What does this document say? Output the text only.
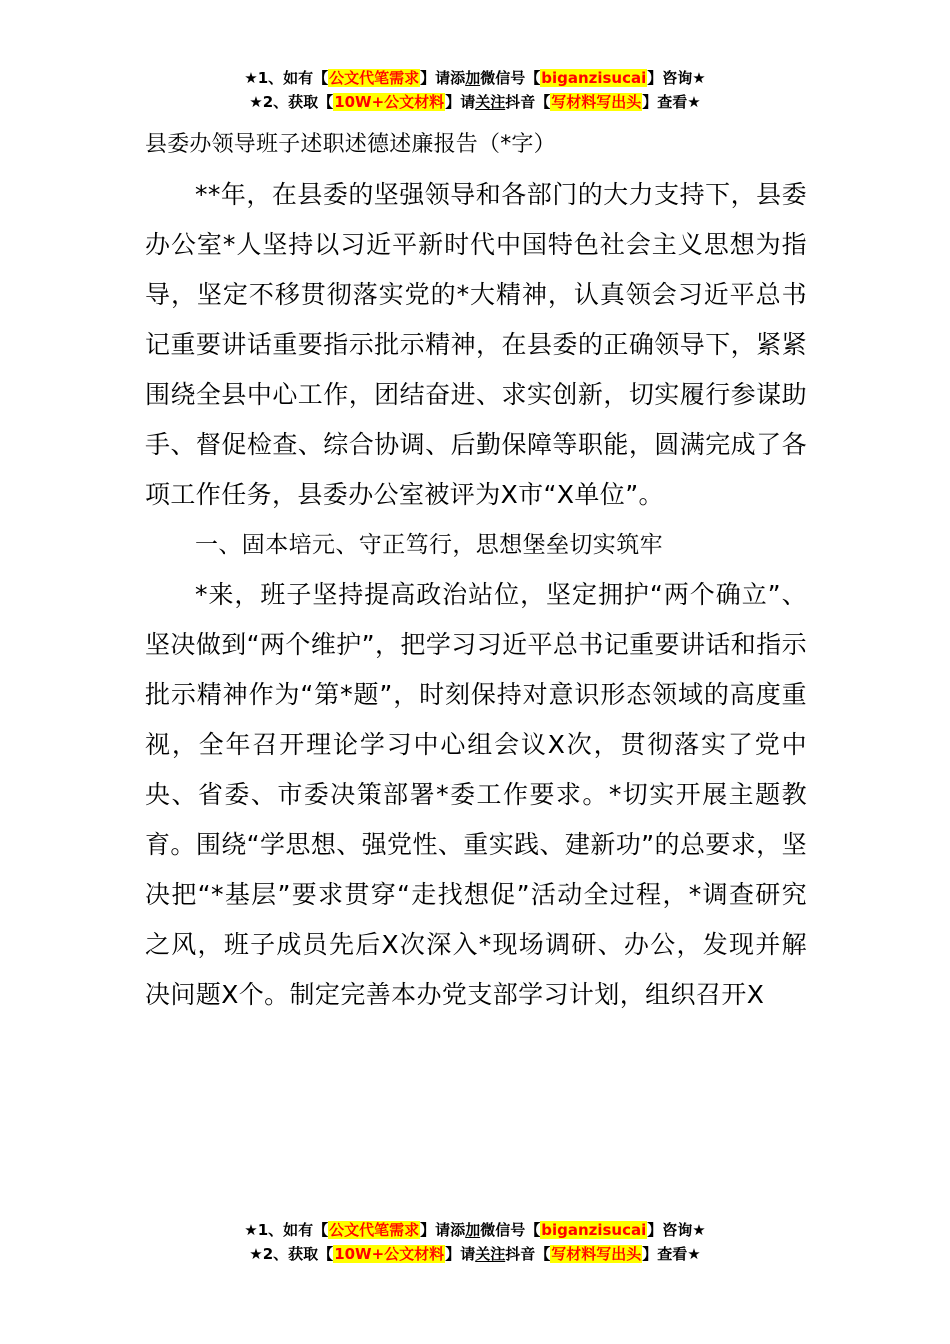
★1、如有【公文代笔需求】请添加微信号【biganzisucai】咨询★
★2、获取【10W+公文材料】请关注抖音【写材料写出头】查看★
县委办领导班子述职述德述廉报告（*字）

**年，在县委的坚强领导和各部门的大力支持下，县委办公室*人坚持以习近平新时代中国特色社会主义思想为指导，坚定不移贯彻落实党的*大精神，认真领会习近平总书记重要讲话重要指示批示精神，在县委的正确领导下，紧紧围绕全县中心工作，团结奋进、求实创新，切实履行参谋助手、督促检查、综合协调、后勤保障等职能，圆满完成了各项工作任务，县委办公室被评为X市“X单位”。

一、固本培元、守正笃行，思想堡垒切实筑牢

*来，班子坚持提高政治站位，坚定拥护“两个确立”、坚决做到“两个维护”，把学习习近平总书记重要讲话和指示批示精神作为“第*题”，时刻保持对意识形态领域的高度重视，全年召开理论学习中心组会议X次，贯彻落实了党中央、省委、市委决策部署*委工作要求。*切实开展主题教育。围绕“学思想、强党性、重实践、建新功”的总要求，坚决把“*基层”要求贯穿“走找想促”活动全过程，*调查研究之风，班子成员先后X次深入*现场调研、办公，发现并解决问题X个。制定完善本办党支部学习计划，组织召开X

★1、如有【公文代笔需求】请添加微信号【biganzisucai】咨询★
★2、获取【10W+公文材料】请关注抖音【写材料写出头】查看★
